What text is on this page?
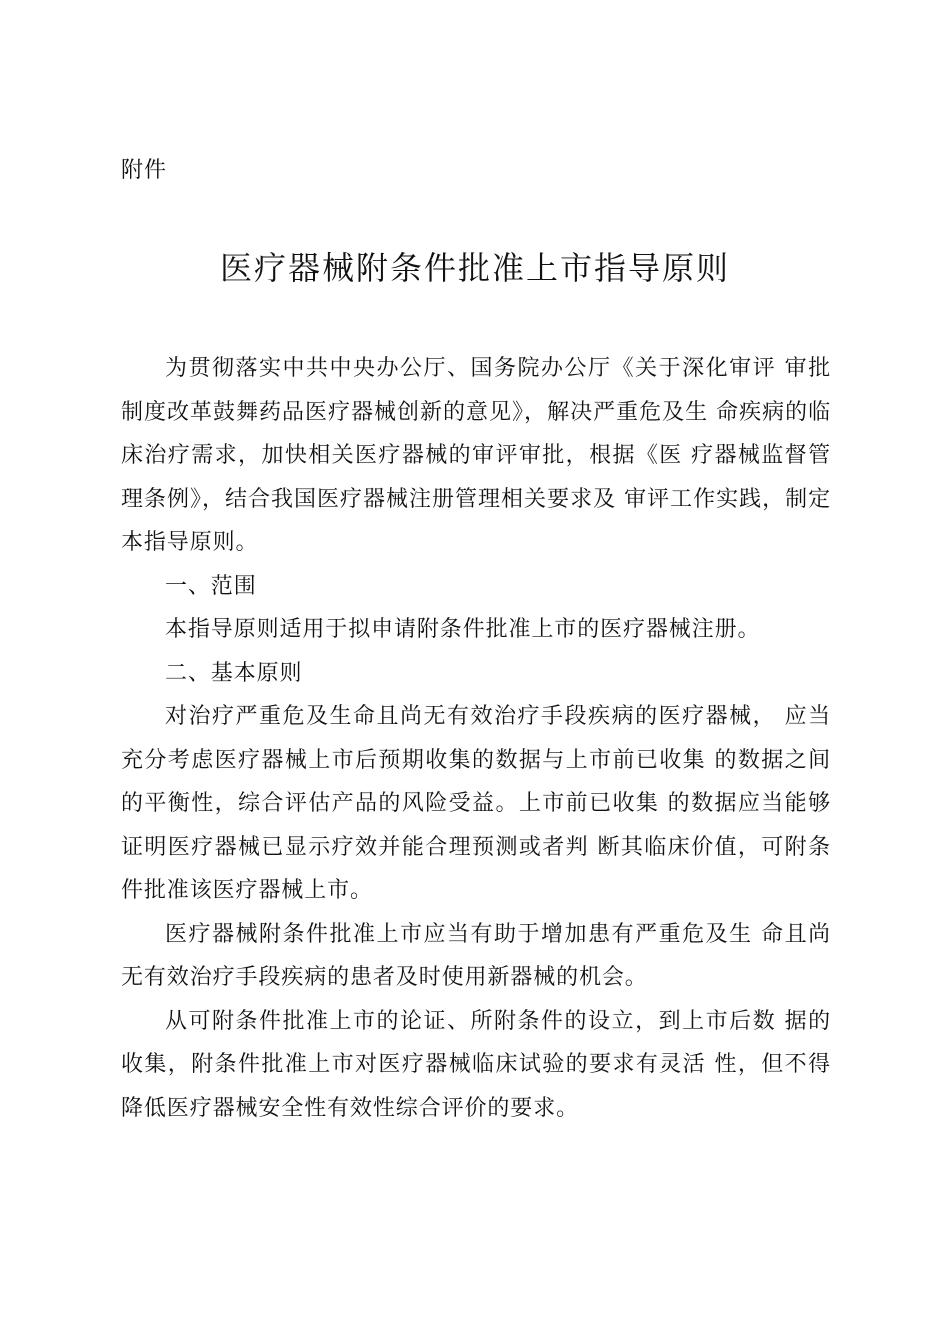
附件
医疗器械附条件批准上市指导原则

为贯彻落实中共中央办公厅、国务院办公厅《关于深化审评 审批制度改革鼓舞药品医疗器械创新的意见》，解决严重危及生 命疾病的临床治疗需求，加快相关医疗器械的审评审批，根据《医 疗器械监督管理条例》，结合我国医疗器械注册管理相关要求及 审评工作实践，制定本指导原则。

一、范围

本指导原则适用于拟申请附条件批准上市的医疗器械注册。

二、基本原则

对治疗严重危及生命且尚无有效治疗手段疾病的医疗器械， 应当充分考虑医疗器械上市后预期收集的数据与上市前已收集 的数据之间的平衡性，综合评估产品的风险受益。上市前已收集 的数据应当能够证明医疗器械已显示疗效并能合理预测或者判 断其临床价值，可附条件批准该医疗器械上市。

医疗器械附条件批准上市应当有助于增加患有严重危及生 命且尚无有效治疗手段疾病的患者及时使用新器械的机会。

从可附条件批准上市的论证、所附条件的设立，到上市后数 据的收集，附条件批准上市对医疗器械临床试验的要求有灵活 性，但不得降低医疗器械安全性有效性综合评价的要求。
